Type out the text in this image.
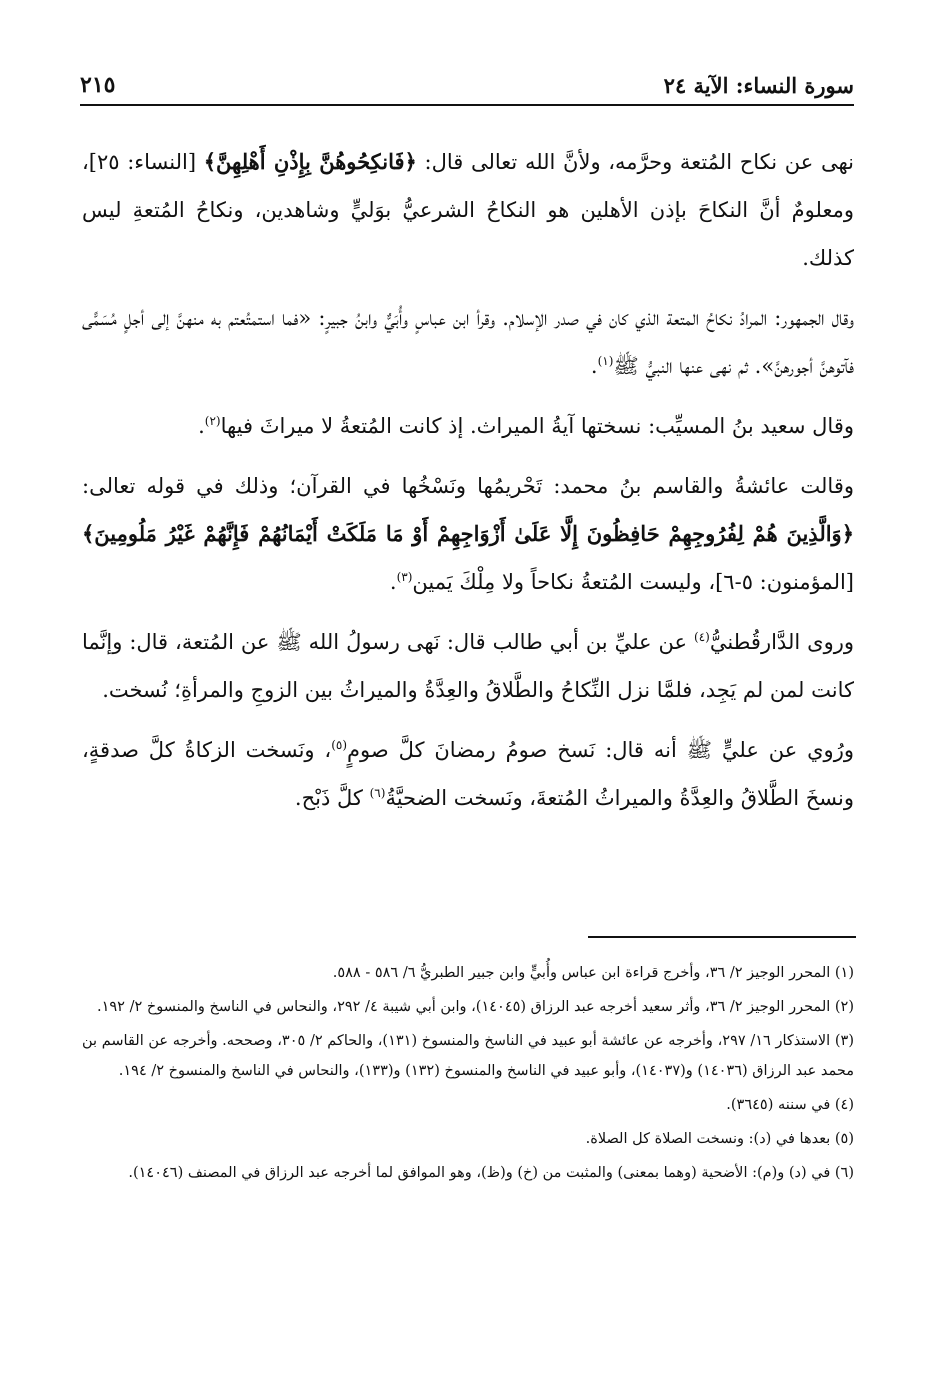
سورة النساء: الآية ٢٤
٢١٥

نهى عن نكاح المُتعة وحرَّمه، ولأنَّ الله تعالى قال: ﴿فَانكِحُوهُنَّ بِإِذْنِ أَهْلِهِنَّ﴾ [النساء: ٢٥]، ومعلومٌ أنَّ النكاحَ بإذن الأهلين هو النكاحُ الشرعيُّ بوَليٍّ وشاهدين، ونكاحُ المُتعةِ ليس كذلك.

وقال الجمهور: المرادُ نكاحُ المتعة الذي كان في صدر الإسلام. وقرأ ابن عباسٍ وأُبَيٌّ وابنُ جبيرٍ: «فما استمتُعتم به منهنَّ إلى أجلٍ مُسَمًّى فآتوهنَّ أجورهنَّ». ثم نهى عنها النبيُّ ﷺ$^{(١)}$.

وقال سعيد بنُ المسيِّب: نسختها آيةُ الميراث. إذ كانت المُتعةُ لا ميراثَ فيها$^{(٢)}$.

وقالت عائشةُ والقاسم بنُ محمد: تَحْريمُها ونَسْخُها في القرآن؛ وذلك في قوله تعالى: ﴿وَالَّذِينَ هُمْ لِفُرُوجِهِمْ حَافِظُونَ إِلَّا عَلَىٰ أَزْوَاجِهِمْ أَوْ مَا مَلَكَتْ أَيْمَانُهُمْ فَإِنَّهُمْ غَيْرُ مَلُومِينَ﴾ [المؤمنون: ٥-٦]، وليست المُتعةُ نكاحاً ولا مِلْكَ يَمين$^{(٣)}$.

وروى الدَّارقُطنيُّ$^{(٤)}$ عن عليِّ بن أبي طالب قال: نَهى رسولُ الله ﷺ عن المُتعة، قال: وإنَّما كانت لمن لم يَجِد، فلمَّا نزل النِّكاحُ والطَّلاقُ والعِدَّةُ والميراثُ بين الزوجِ والمرأةِ؛ نُسخت.

ورُوي عن عليٍّ ﷺ أنه قال: نَسخ صومُ رمضانَ كلَّ صومٍ$^{(٥)}$، ونَسخت الزكاةُ كلَّ صدقةٍ، ونسخَ الطَّلاقُ والعِدَّةُ والميراثُ المُتعةَ، ونَسخت الضحيَّةُ$^{(٦)}$ كلَّ ذَبْح.

(١) المحرر الوجيز ٢/ ٣٦، وأخرج قراءة ابن عباس وأُبيٍّ وابن جبير الطبريُّ ٦/ ٥٨٦ - ٥٨٨.
(٢) المحرر الوجيز ٢/ ٣٦، وأثر سعيد أخرجه عبد الرزاق (١٤٠٤٥)، وابن أبي شيبة ٤/ ٢٩٢، والنحاس في الناسخ والمنسوخ ٢/ ١٩٢.
(٣) الاستذكار ١٦/ ٢٩٧، وأخرجه عن عائشة أبو عبيد في الناسخ والمنسوخ (١٣١)، والحاكم ٢/ ٣٠٥، وصححه. وأخرجه عن القاسم بن محمد عبد الرزاق (١٤٠٣٦) و(١٤٠٣٧)، وأبو عبيد في الناسخ والمنسوخ (١٣٢) و(١٣٣)، والنحاس في الناسخ والمنسوخ ٢/ ١٩٤.
(٤) في سننه (٣٦٤٥).
(٥) بعدها في (د): ونسخت الصلاة كل الصلاة.
(٦) في (د) و(م): الأضحية (وهما بمعنى) والمثبت من (خ) و(ظ)، وهو الموافق لما أخرجه عبد الرزاق في المصنف (١٤٠٤٦).
